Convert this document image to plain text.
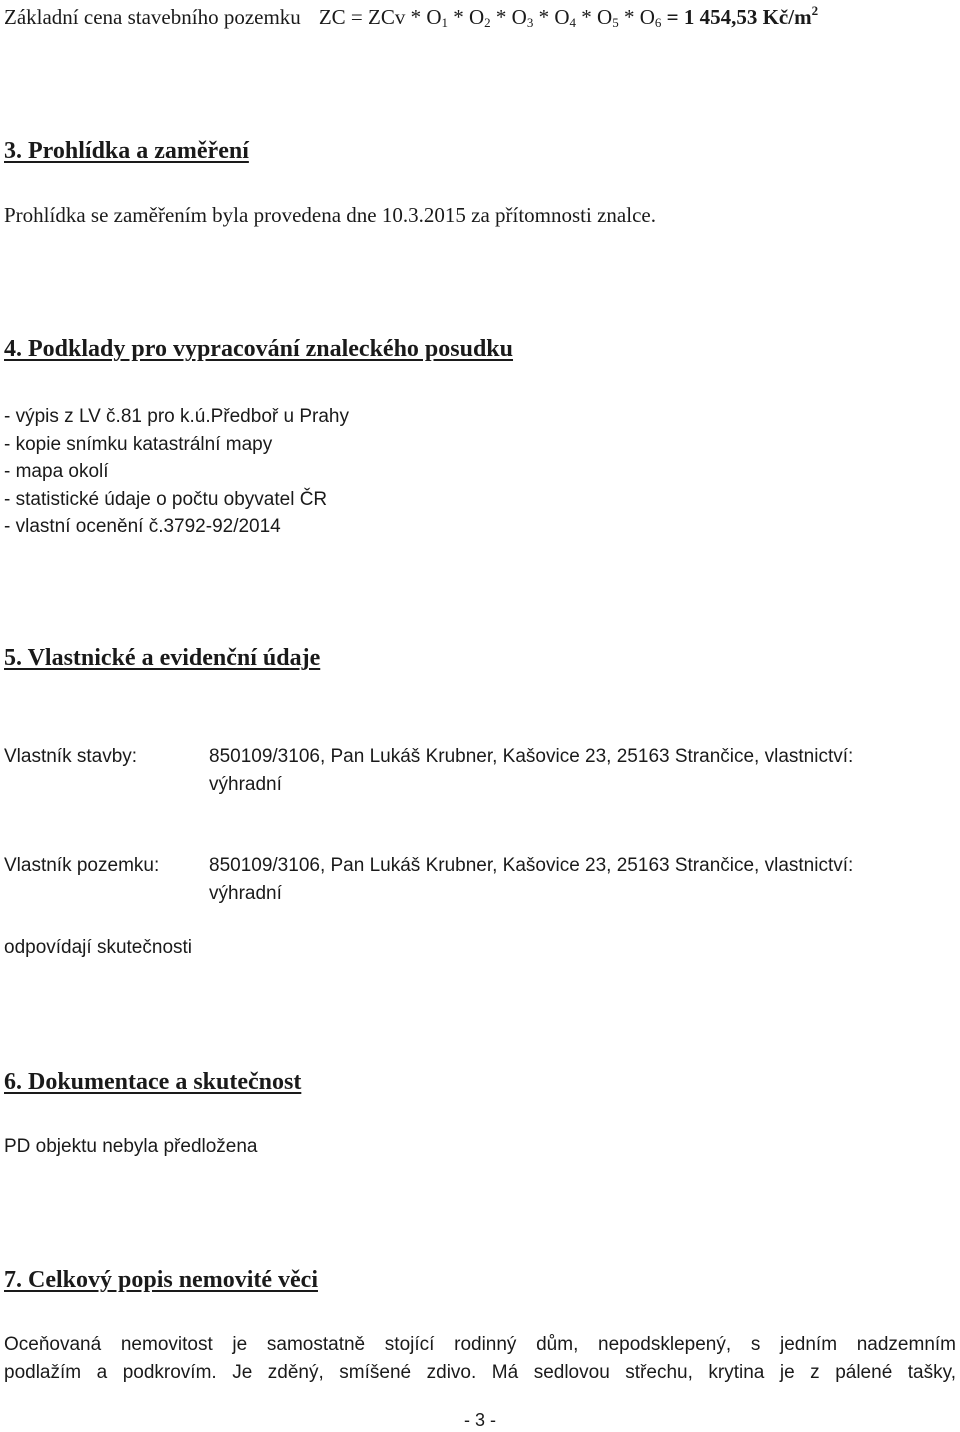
Základní cena stavebního pozemku ZC = ZCv * $O_1 * O_2 * O_3 * O_4 * O_5 * O_6 = 1$ 454,53 $Kč/m^2$
3. Prohlídka a zaměření
Prohlídka se zaměřením byla provedena dne 10.3.2015 za přítomnosti znalce.
4. Podklady pro vypracování znaleckého posudku
- výpis z LV č.81 pro k.ú.Předboř u Prahy
- kopie snímku katastrální mapy
- mapa okolí
- statistické údaje o počtu obyvatel ČR
- vlastní ocenění č.3792-92/2014
5. Vlastnické a evidenční údaje
Vlastník stavby:	850109/3106, Pan Lukáš Krubner, Kašovice 23, 25163 Strančice, vlastnictví:
výhradní
Vlastník pozemku:	850109/3106, Pan Lukáš Krubner, Kašovice 23, 25163 Strančice, vlastnictví:
výhradní
odpovídají skutečnosti
6. Dokumentace a skutečnost
PD objektu nebyla předložena
7. Celkový popis nemovité věci
Oceňovaná nemovitost je samostatně stojící rodinný dům, nepodsklepený, s jedním nadzemním
podlažím a podkrovím. Je zděný, smíšené zdivo. Má sedlovou střechu, krytina je z pálené tašky,
- 3 -
